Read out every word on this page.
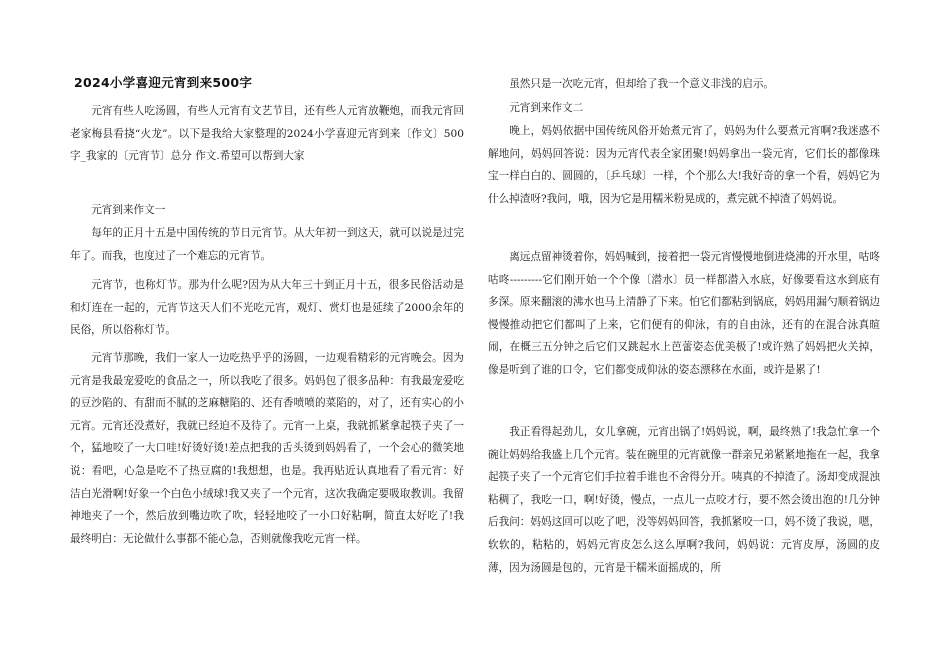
2024小学喜迎元宵到来500字
元宵有些人吃汤圆，有些人元宵有文艺节目，还有些人元宵放鞭炮，而我元宵回老家梅县看挠“火龙”。以下是我给大家整理的2024小学喜迎元宵到来〔作文〕500字_我家的〔元宵节〕总分 作文.希望可以帮到大家
元宵到来作文一
每年的正月十五是中国传统的节日元宵节。从大年初一到这天，就可以说是过完年了。而我，也度过了一个难忘的元宵节。
元宵节，也称灯节。那为什么呢?因为从大年三十到正月十五，很多民俗活动是和灯连在一起的，元宵节这天人们不光吃元宵，观灯、赏灯也是延续了2000余年的民俗，所以俗称灯节。
元宵节那晚，我们一家人一边吃热乎乎的汤圆，一边观看精彩的元宵晚会。因为元宵是我最宠爱吃的食品之一，所以我吃了很多。妈妈包了很多品种：有我最宠爱吃的豆沙陷的、有甜而不腻的芝麻糖陷的、还有香喷喷的菜陷的，对了，还有实心的小元宵。元宵还没煮好，我就已经迫不及待了。元宵一上桌，我就抓紧拿起筷子夹了一个，猛地咬了一大口哇!好烫好烫!差点把我的舌头烫到妈妈看了，一个会心的微笑地说：看吧，心急是吃不了热豆腐的!我想想，也是。我再贴近认真地看了看元宵：好洁白光滑啊!好象一个白色小绒球!我又夹了一个元宵，这次我确定要吸取教训。我留神地夹了一个，然后放到嘴边吹了吹，轻轻地咬了一小口好粘啊，简直太好吃了!我最终明白：无论做什么事都不能心急，否则就像我吃元宵一样。
虽然只是一次吃元宵，但却给了我一个意义非浅的启示。
元宵到来作文二
晚上，妈妈依据中国传统风俗开始煮元宵了，妈妈为什么要煮元宵啊?我迷惑不解地问，妈妈回答说：因为元宵代表全家团聚!妈妈拿出一袋元宵，它们长的都像珠宝一样白白的、圆圆的，〔乒乓球〕一样，个个那么大!我好奇的拿一个看，妈妈它为什么掉渣呀?我问，哦，因为它是用糯米粉晃成的，煮完就不掉渣了妈妈说。
离远点留神烫着你，妈妈喊到，接着把一袋元宵慢慢地倒进烧沸的开水里，咕咚咕咚---------它们刚开始一个个像〔潜水〕员一样都潜入水底，好像要看这水到底有多深。原来翻滚的沸水也马上清静了下来。怕它们都粘到锅底，妈妈用漏勺顺着锅边慢慢推动把它们都叫了上来，它们便有的仰泳，有的自由泳，还有的在混合泳真暄闹，在概三五分钟之后它们又跳起水上芭蕾姿态优美极了!或许熟了妈妈把火关掉，像是听到了谁的口令，它们都变成仰泳的姿态漂移在水面，或许是累了!
我正看得起劲儿，女儿拿碗，元宵出锅了!妈妈说，啊，最终熟了!我急忙拿一个碗让妈妈给我盛上几个元宵。装在碗里的元宵就像一群亲兄弟紧紧地拖在一起，我拿起筷子夹了一个元宵它们手拉着手谁也不舍得分开。咦真的不掉渣了。汤却变成混浊粘稠了，我吃一口，啊!好烫，慢点，一点儿一点咬才行，要不然会烫出泡的!几分钟后我问：妈妈这回可以吃了吧，没等妈妈回答，我抓紧咬一口，妈不烫了我说，嗯，软软的，粘粘的，妈妈元宵皮怎么这么厚啊?我问，妈妈说：元宵皮厚，汤圆的皮薄，因为汤圆是包的，元宵是干糯米面摇成的，所
